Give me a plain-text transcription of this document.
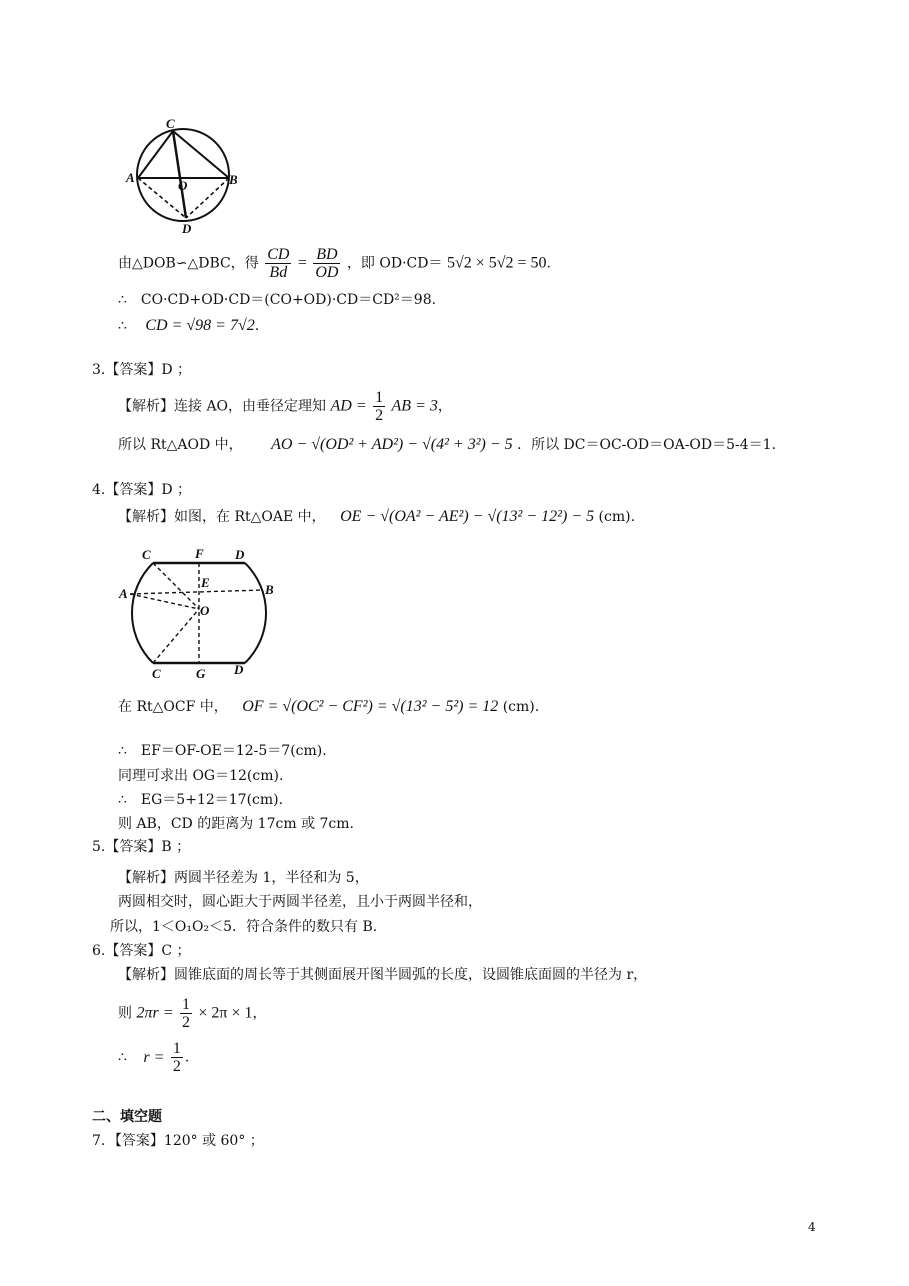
C
A
O	B
D
由△DOB∽△DBC，得 $\frac{CD}{Bd} = \frac{BD}{OD}$ ，即 OD·CD＝ 5√2 × 5√2 = 50.
∴　CO·CD+OD·CD＝(CO+OD)·CD＝CD²＝98.
∴ CD = √98 = 7√2.
3.【答案】D ；
【解析】连接 AO，由垂径定理知 AD = $\frac{1}{2}$ AB = 3，
所以 Rt△AOD 中， AO − √(OD² + AD²) − √(4² + 3²) − 5 ．所以 DC＝OC-OD＝OA-OD＝5-4＝1.
4.【答案】D ；
【解析】如图，在 Rt△OAE 中， OE − √(OA² − AE²) − √(13² − 12²) − 5 (cm).
C	F D
E
A	B
O
C	G D
在 Rt△OCF 中， OF = √(OC² − CF²) = √(13² − 5²) = 12 (cm).
∴　EF＝OF-OE＝12-5＝7(cm).
同理可求出 OG＝12(cm).
∴　EG＝5+12＝17(cm).
则 AB，CD 的距离为 17cm 或 7cm.
5.【答案】B ；
【解析】两圆半径差为 1，半径和为 5，
两圆相交时，圆心距大于两圆半径差，且小于两圆半径和，
所以，1＜O₁O₂＜5．符合条件的数只有 B.
6.【答案】C ；
【解析】圆锥底面的周长等于其侧面展开图半圆弧的长度，设圆锥底面圆的半径为 r，
则 $2\pi r = \frac{1}{2} \times 2\pi \times 1$，
∴ $r = \frac{1}{2}$ .
二、填空题
7．【答案】120° 或 60° ；
4
